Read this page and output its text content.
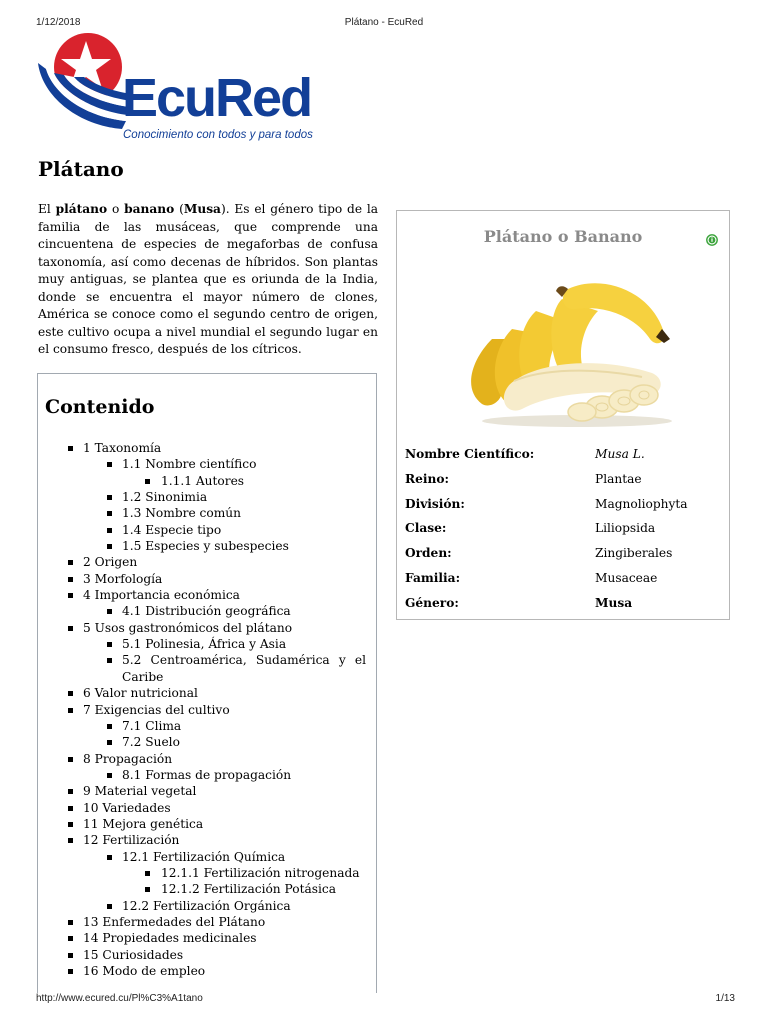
1/12/2018	Plátano - EcuRed
EcuRed
Conocimiento con todos y para todos
Plátano

El plátano o banano (Musa). Es el género tipo de la familia de las musáceas, que comprende una cincuentena de especies de megaforbas de confusa taxonomía, así como decenas de híbridos. Son plantas muy antiguas, se plantea que es oriunda de la India, donde se encuentra el mayor número de clones, América se conoce como el segundo centro de origen, este cultivo ocupa a nivel mundial el segundo lugar en el consumo fresco, después de los cítricos.

Contenido
1 Taxonomía
1.1 Nombre científico
1.1.1 Autores
1.2 Sinonimia
1.3 Nombre común
1.4 Especie tipo
1.5 Especies y subespecies
2 Origen
3 Morfología
4 Importancia económica
4.1 Distribución geográfica
5 Usos gastronómicos del plátano
5.1 Polinesia, África y Asia
5.2 Centroamérica, Sudamérica y el Caribe
6 Valor nutricional
7 Exigencias del cultivo
7.1 Clima
7.2 Suelo
8 Propagación
8.1 Formas de propagación
9 Material vegetal
10 Variedades
11 Mejora genética
12 Fertilización
12.1 Fertilización Química
12.1.1 Fertilización nitrogenada
12.1.2 Fertilización Potásica
12.2 Fertilización Orgánica
13 Enfermedades del Plátano
14 Propiedades medicinales
15 Curiosidades
16 Modo de empleo
Plátano o Banano
Nombre Científico:	Musa L.
Reino:	Plantae
División:	Magnoliophyta
Clase:	Liliopsida
Orden:	Zingiberales
Familia:	Musaceae
Género:	Musa
http://www.ecured.cu/Pl%C3%A1tano	1/13
